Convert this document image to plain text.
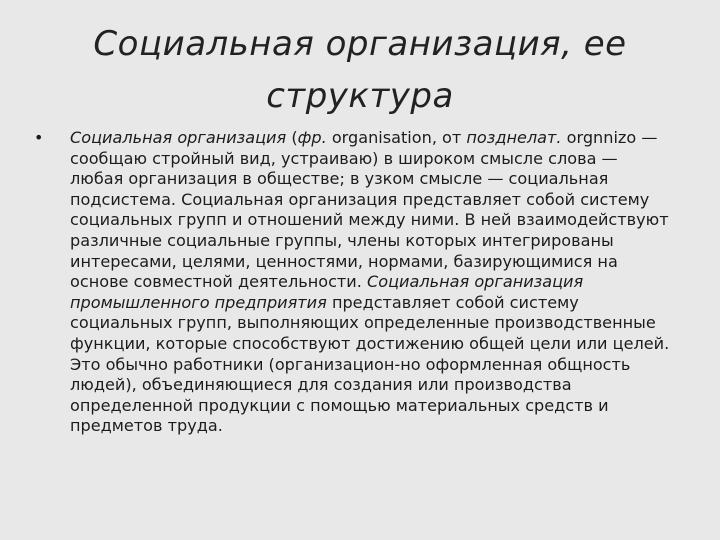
Социальная организация, ее структура
• Социальная организация (фр. organisation, от позднелат. orgnnizo — сообщаю стройный вид, устраиваю) в широком смысле слова — любая организация в обществе; в узком смысле — социальная подсистема. Социальная организация представляет собой систему социальных групп и отношений между ними. В ней взаимодействуют различные социальные группы, члены которых интегрированы интересами, целями, ценностями, нормами, базирующимися на основе совместной деятельности. Социальная организация промышленного предприятия представляет собой систему социальных групп, выполняющих определенные производственные функции, которые способствуют достижению общей цели или целей. Это обычно работники (организацион-но оформленная общность людей), объединяющиеся для создания или производства определенной продукции с помощью материальных средств и предметов труда.
